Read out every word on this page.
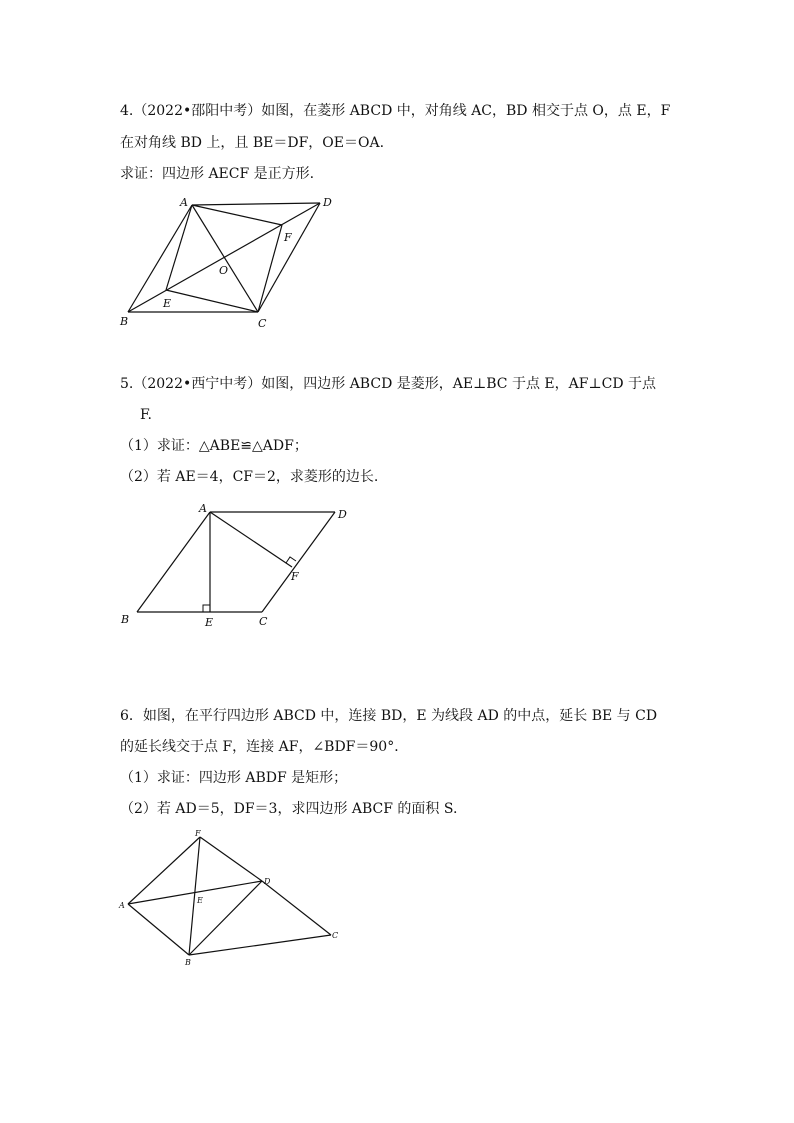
4.（2022•邵阳中考）如图，在菱形 ABCD 中，对角线 AC，BD 相交于点 O，点 E，F
在对角线 BD 上，且 BE＝DF，OE＝OA.
求证：四边形 AECF 是正方形.
A	D
F
O
E
B	C
5.（2022•西宁中考）如图，四边形 ABCD 是菱形，AE⊥BC 于点 E，AF⊥CD 于点
F.
（1）求证：△ABE≌△ADF；
（2）若 AE＝4，CF＝2，求菱形的边长.
A	D
F
B	E	C
6．如图，在平行四边形 ABCD 中，连接 BD，E 为线段 AD 的中点，延长 BE 与 CD
的延长线交于点 F，连接 AF，∠BDF＝90°．
（1）求证：四边形 ABDF 是矩形；
（2）若 AD＝5，DF＝3，求四边形 ABCF 的面积 S.
F
D
A
E
C
B
